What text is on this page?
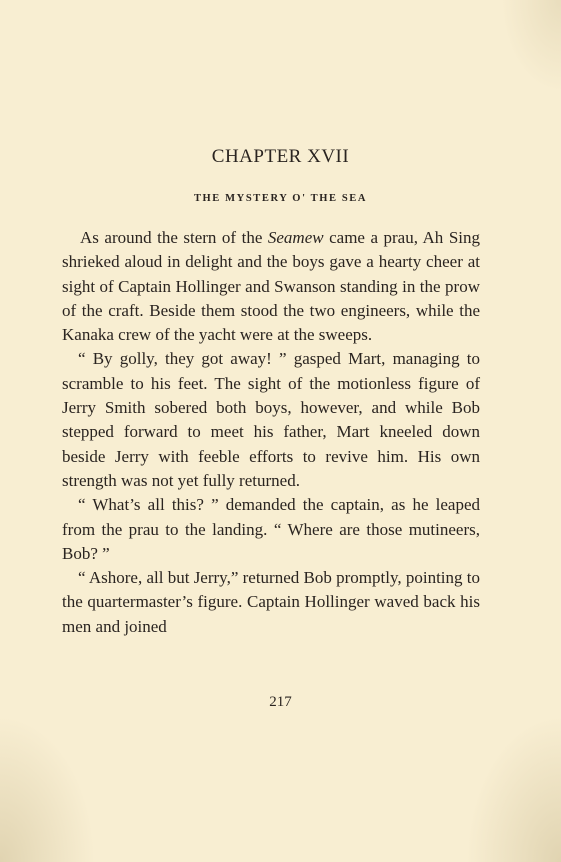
CHAPTER XVII
THE MYSTERY O' THE SEA

As around the stern of the Seamew came a prau, Ah Sing shrieked aloud in delight and the boys gave a hearty cheer at sight of Captain Hollinger and Swanson standing in the prow of the craft. Beside them stood the two engineers, while the Kanaka crew of the yacht were at the sweeps.

“ By golly, they got away! ” gasped Mart, managing to scramble to his feet. The sight of the motionless figure of Jerry Smith sobered both boys, however, and while Bob stepped forward to meet his father, Mart kneeled down beside Jerry with feeble efforts to revive him. His own strength was not yet fully returned.

“ What’s all this? ” demanded the captain, as he leaped from the prau to the landing. “ Where are those mutineers, Bob? ”

“ Ashore, all but Jerry,” returned Bob promptly, pointing to the quartermaster’s figure. Captain Hollinger waved back his men and joined

217
